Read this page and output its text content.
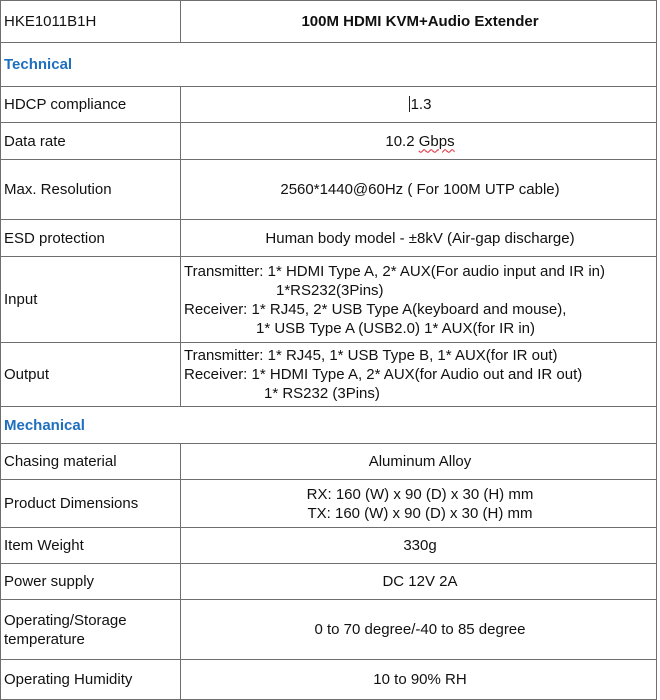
HKE1011B1H	100M HDMI KVM+Audio Extender
Technical	
HDCP compliance	1.3
Data rate	10.2 Gbps
Max. Resolution	2560*1440@60Hz ( For 100M UTP cable)
ESD protection	Human body model - ±8kV (Air-gap discharge)
Input	Transmitter: 1* HDMI Type A, 2* AUX(For audio input and IR in)
1*RS232(3Pins)
Receiver: 1* RJ45, 2* USB Type A(keyboard and mouse),
1* USB Type A (USB2.0) 1* AUX(for IR in)

Output	Transmitter: 1* RJ45, 1* USB Type B, 1* AUX(for IR out)
Receiver: 1* HDMI Type A, 2* AUX(for Audio out and IR out)
1* RS232 (3Pins)

Mechanical	
Chasing material	Aluminum Alloy
Product Dimensions	RX: 160 (W) x 90 (D) x 30 (H) mm
TX: 160 (W) x 90 (D) x 30 (H) mm

Item Weight	330g
Power supply	DC 12V 2A

Operating/Storage
temperature	0 to 70 degree/-40 to 85 degree
Operating Humidity	10 to 90% RH
